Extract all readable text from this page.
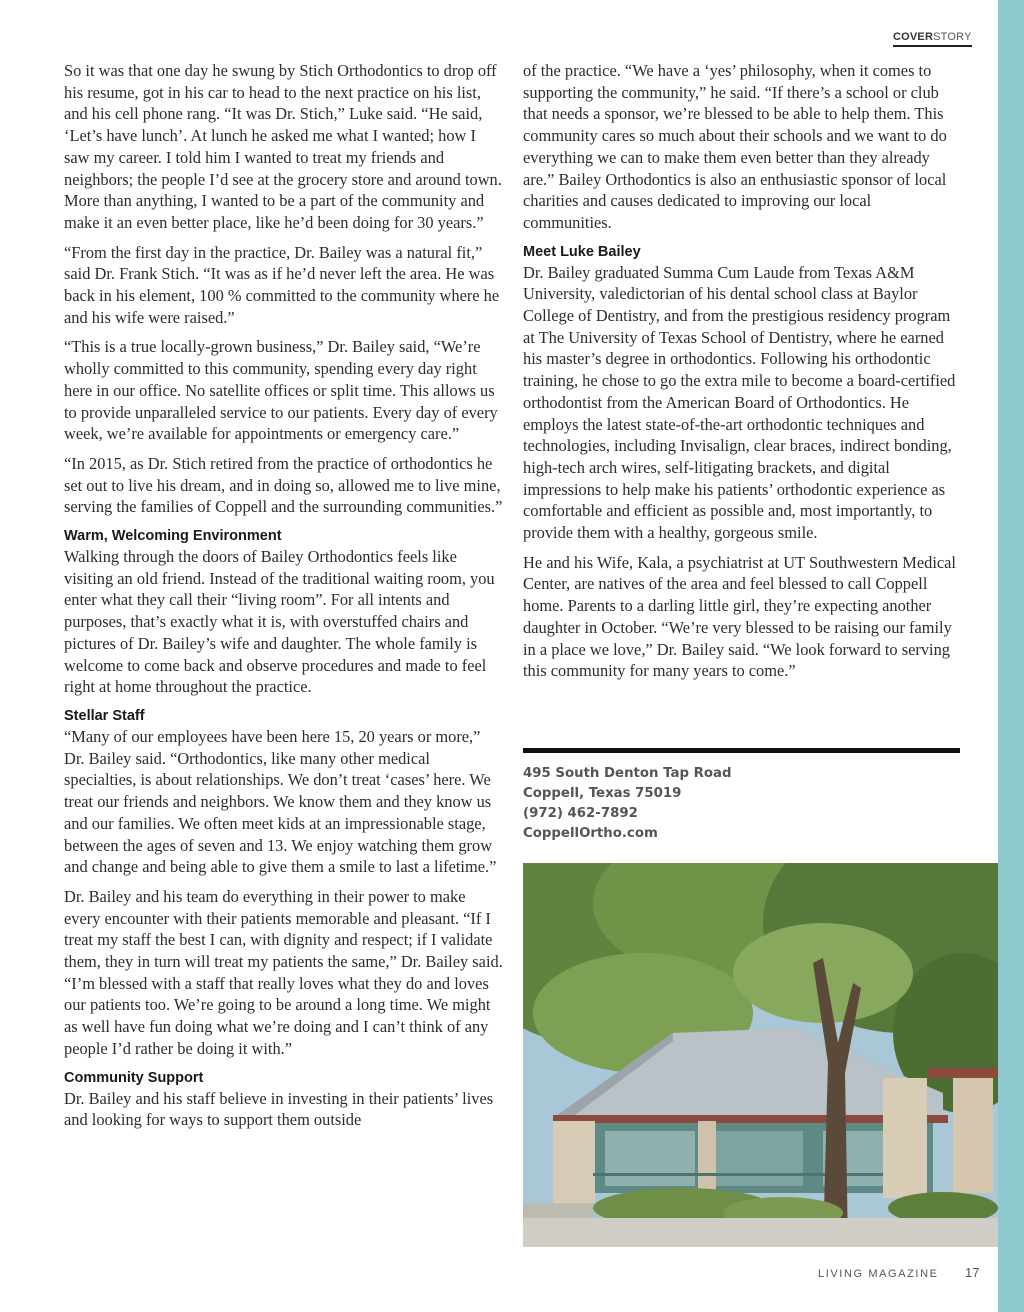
COVERSTORY

So it was that one day he swung by Stich Orthodontics to drop off his resume, got in his car to head to the next practice on his list, and his cell phone rang. “It was Dr. Stich,” Luke said. “He said, ‘Let’s have lunch’. At lunch he asked me what I wanted; how I saw my career. I told him I wanted to treat my friends and neighbors; the people I’d see at the grocery store and around town. More than anything, I wanted to be a part of the community and make it an even better place, like he’d been doing for 30 years.”

“From the first day in the practice, Dr. Bailey was a natural fit,” said Dr. Frank Stich. “It was as if he’d never left the area. He was back in his element, 100 % committed to the community where he and his wife were raised.”

“This is a true locally-grown business,” Dr. Bailey said, “We’re wholly committed to this community, spending every day right here in our office. No satellite offices or split time. This allows us to provide unparalleled service to our patients. Every day of every week, we’re available for appointments or emergency care.”

“In 2015, as Dr. Stich retired from the practice of orthodontics he set out to live his dream, and in doing so, allowed me to live mine, serving the families of Coppell and the surrounding communities.”

Warm, Welcoming Environment

Walking through the doors of Bailey Orthodontics feels like visiting an old friend. Instead of the traditional waiting room, you enter what they call their “living room”. For all intents and purposes, that’s exactly what it is, with overstuffed chairs and pictures of Dr. Bailey’s wife and daughter. The whole family is welcome to come back and observe procedures and made to feel right at home throughout the practice.

Stellar Staff

“Many of our employees have been here 15, 20 years or more,” Dr. Bailey said. “Orthodontics, like many other medical specialties, is about relationships. We don’t treat ‘cases’ here. We treat our friends and neighbors. We know them and they know us and our families. We often meet kids at an impressionable stage, between the ages of seven and 13. We enjoy watching them grow and change and being able to give them a smile to last a lifetime.”

Dr. Bailey and his team do everything in their power to make every encounter with their patients memorable and pleasant. “If I treat my staff the best I can, with dignity and respect; if I validate them, they in turn will treat my patients the same,” Dr. Bailey said. “I’m blessed with a staff that really loves what they do and loves our patients too. We’re going to be around a long time. We might as well have fun doing what we’re doing and I can’t think of any people I’d rather be doing it with.”

Community Support

Dr. Bailey and his staff believe in investing in their patients’ lives and looking for ways to support them outside

of the practice. “We have a ‘yes’ philosophy, when it comes to supporting the community,” he said. “If there’s a school or club that needs a sponsor, we’re blessed to be able to help them. This community cares so much about their schools and we want to do everything we can to make them even better than they already are.” Bailey Orthodontics is also an enthusiastic sponsor of local charities and causes dedicated to improving our local communities.

Meet Luke Bailey

Dr. Bailey graduated Summa Cum Laude from Texas A&M University, valedictorian of his dental school class at Baylor College of Dentistry, and from the prestigious residency program at The University of Texas School of Dentistry, where he earned his master’s degree in orthodontics. Following his orthodontic training, he chose to go the extra mile to become a board-certified orthodontist from the American Board of Orthodontics. He employs the latest state-of-the-art orthodontic techniques and technologies, including Invisalign, clear braces, indirect bonding, high-tech arch wires, self-litigating brackets, and digital impressions to help make his patients’ orthodontic experience as comfortable and efficient as possible and, most importantly, to provide them with a healthy, gorgeous smile.

He and his Wife, Kala, a psychiatrist at UT Southwestern Medical Center, are natives of the area and feel blessed to call Coppell home. Parents to a darling little girl, they’re expecting another daughter in October. “We’re very blessed to be raising our family in a place we love,” Dr. Bailey said. “We look forward to serving this community for many years to come.”

495 South Denton Tap Road
Coppell, Texas 75019
(972) 462-7892
CoppellOrtho.com
LIVING MAGAZINE 17
